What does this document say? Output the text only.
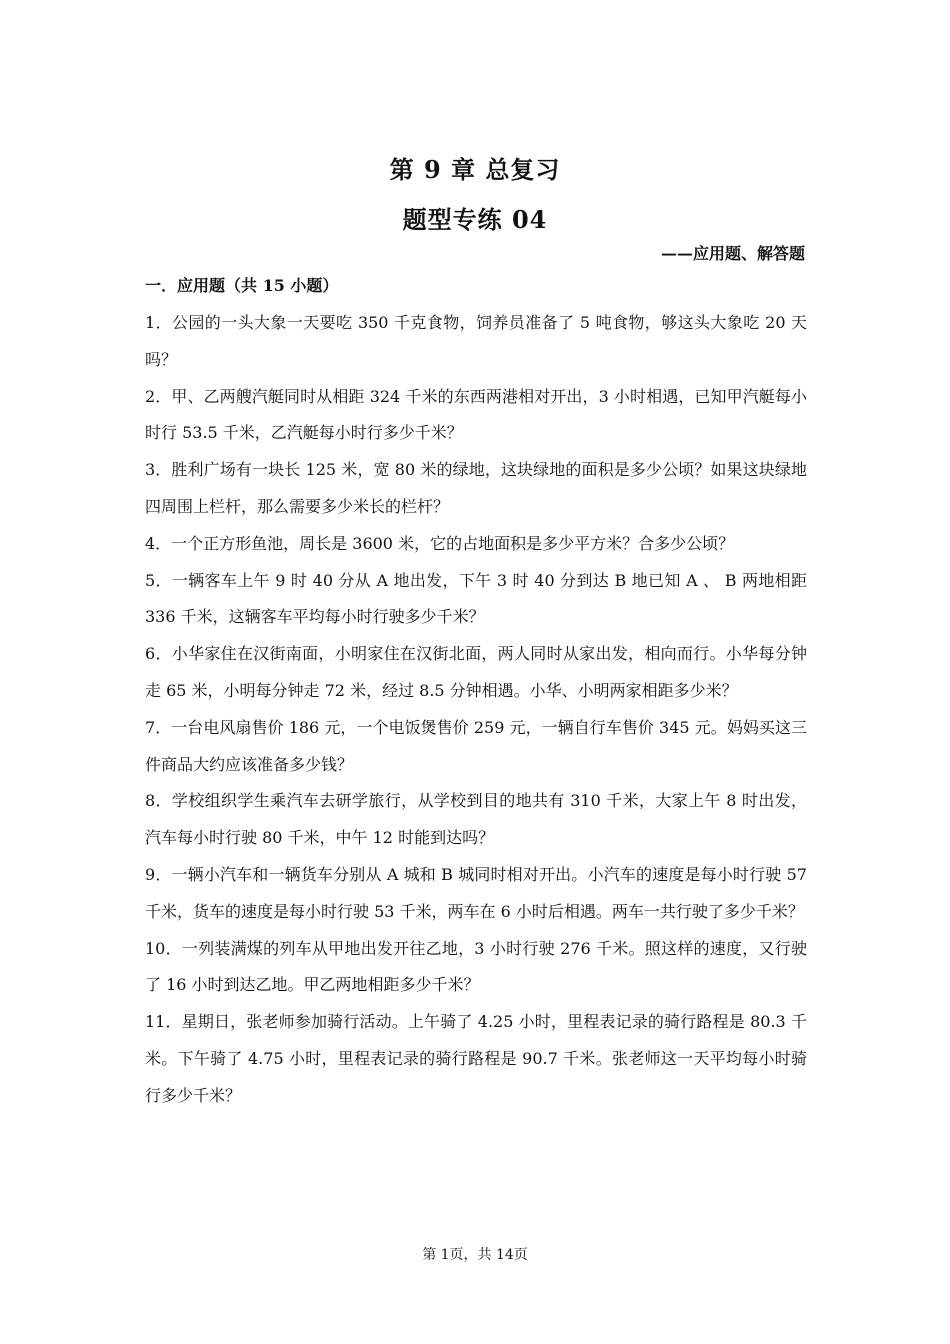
第 9 章 总复习
题型专练 04
——应用题、解答题
一．应用题（共 15 小题）

1．公园的一头大象一天要吃 350 千克食物，饲养员准备了 5 吨食物，够这头大象吃 20 天吗？

2．甲、乙两艘汽艇同时从相距 324 千米的东西两港相对开出，3 小时相遇，已知甲汽艇每小时行 53.5 千米，乙汽艇每小时行多少千米？

3．胜利广场有一块长 125 米，宽 80 米的绿地，这块绿地的面积是多少公顷？如果这块绿地四周围上栏杆，那么需要多少米长的栏杆？

4．一个正方形鱼池，周长是 3600 米，它的占地面积是多少平方米？合多少公顷？

5．一辆客车上午 9 时 40 分从 A 地出发，下午 3 时 40 分到达 B 地已知 A 、 B 两地相距 336 千米，这辆客车平均每小时行驶多少千米？

6．小华家住在汉街南面，小明家住在汉街北面，两人同时从家出发，相向而行。小华每分钟走 65 米，小明每分钟走 72 米，经过 8.5 分钟相遇。小华、小明两家相距多少米？

7．一台电风扇售价 186 元，一个电饭煲售价 259 元，一辆自行车售价 345 元。妈妈买这三件商品大约应该准备多少钱？

8．学校组织学生乘汽车去研学旅行，从学校到目的地共有 310 千米，大家上午 8 时出发，汽车每小时行驶 80 千米，中午 12 时能到达吗？

9．一辆小汽车和一辆货车分别从 A 城和 B 城同时相对开出。小汽车的速度是每小时行驶 57 千米，货车的速度是每小时行驶 53 千米，两车在 6 小时后相遇。两车一共行驶了多少千米？

10．一列装满煤的列车从甲地出发开往乙地，3 小时行驶 276 千米。照这样的速度，又行驶了 16 小时到达乙地。甲乙两地相距多少千米？

11．星期日，张老师参加骑行活动。上午骑了 4.25 小时，里程表记录的骑行路程是 80.3 千米。下午骑了 4.75 小时，里程表记录的骑行路程是 90.7 千米。张老师这一天平均每小时骑行多少千米？

第 1页，共 14页
